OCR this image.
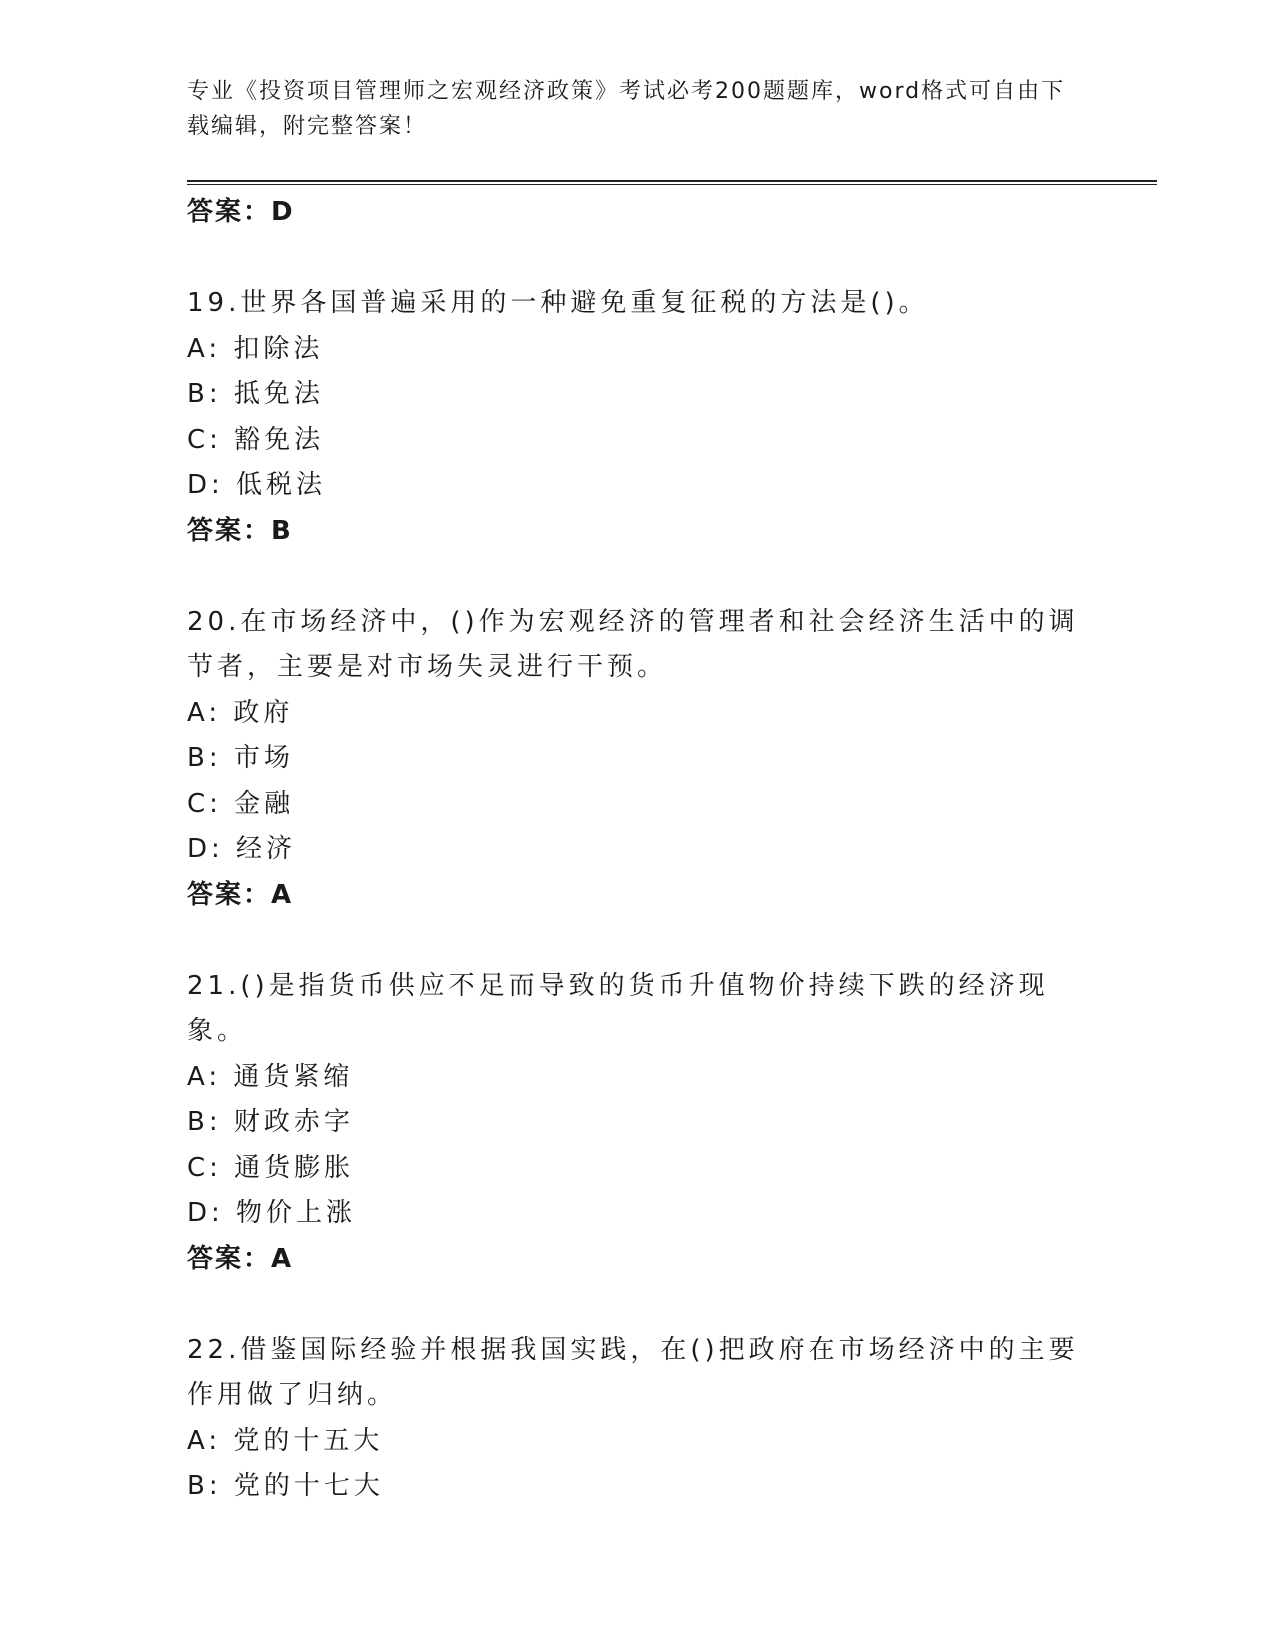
专业《投资项目管理师之宏观经济政策》考试必考200题题库，word格式可自由下载编辑，附完整答案！
答案：D
19.世界各国普遍采用的一种避免重复征税的方法是()。
A: 扣除法
B: 抵免法
C: 豁免法
D: 低税法
答案：B
20.在市场经济中，()作为宏观经济的管理者和社会经济生活中的调节者，主要是对市场失灵进行干预。
A: 政府
B: 市场
C: 金融
D: 经济
答案：A
21.()是指货币供应不足而导致的货币升值物价持续下跌的经济现象。
A: 通货紧缩
B: 财政赤字
C: 通货膨胀
D: 物价上涨
答案：A
22.借鉴国际经验并根据我国实践，在()把政府在市场经济中的主要作用做了归纳。
A: 党的十五大
B: 党的十七大
